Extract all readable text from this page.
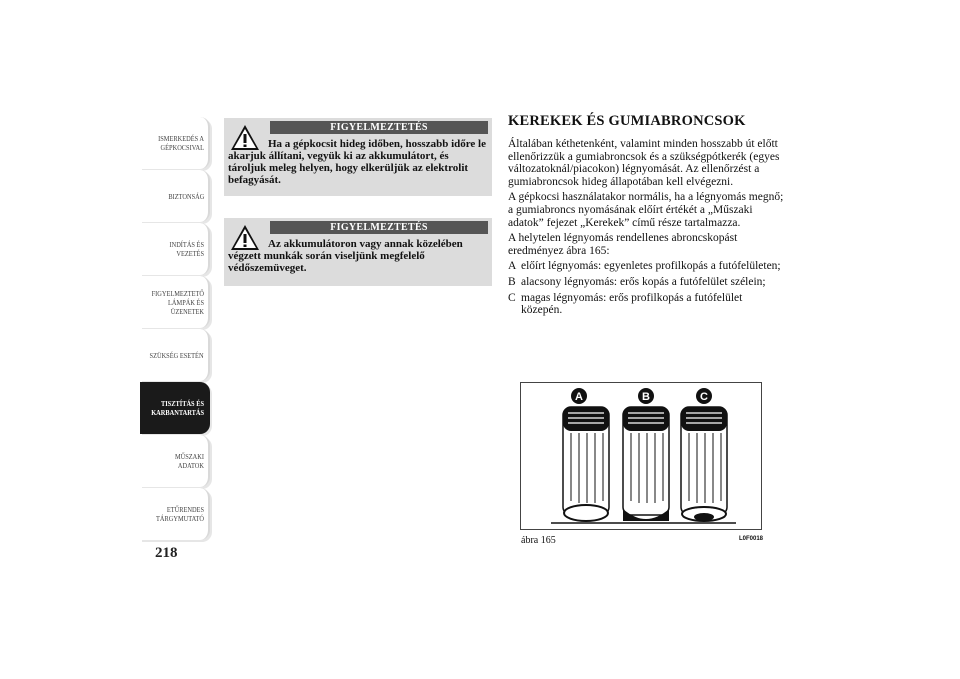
ISMERKEDÉS A GÉPKOCSIVAL
BIZTONSÁG
INDÍTÁS ÉS VEZETÉS
FIGYELMEZTETŐ LÁMPÁK ÉS ÜZENETEK
SZÜKSÉG ESETÉN
TISZTÍTÁS ÉS KARBANTARTÁS
MŰSZAKI ADATOK
ETŰRENDES TÁRGYMUTATÓ
218
FIGYELMEZTETÉS
Ha a gépkocsit hideg időben, hosszabb időre le akarjuk állítani, vegyük ki az akkumulátort, és tároljuk meleg helyen, hogy elkerüljük az elektrolit befagyását.
FIGYELMEZTETÉS
Az akkumulátoron vagy annak közelében végzett munkák során viseljünk megfelelő védőszemüveget.
KEREKEK ÉS GUMIABRONCSOK

Általában kéthetenként, valamint minden hosszabb út előtt ellenőrizzük a gumiabroncsok és a szükségpótkerék (egyes változatoknál/piacokon) légnyomását. Az ellenőrzést a gumiabroncsok hideg állapotában kell elvégezni.

A gépkocsi használatakor normális, ha a légnyomás megnő; a gumiabroncs nyomásának előírt értékét a „Műszaki adatok” fejezet „Kerekek” című része tartalmazza.

A helytelen légnyomás rendellenes abroncskopást eredményez ábra 165:

A előírt légnyomás: egyenletes profilkopás a futófelületen;
B alacsony légnyomás: erős kopás a futófelület szélein;
C magas légnyomás: erős profilkopás a futófelület közepén.
A	B	C
ábra 165	L0F0018
